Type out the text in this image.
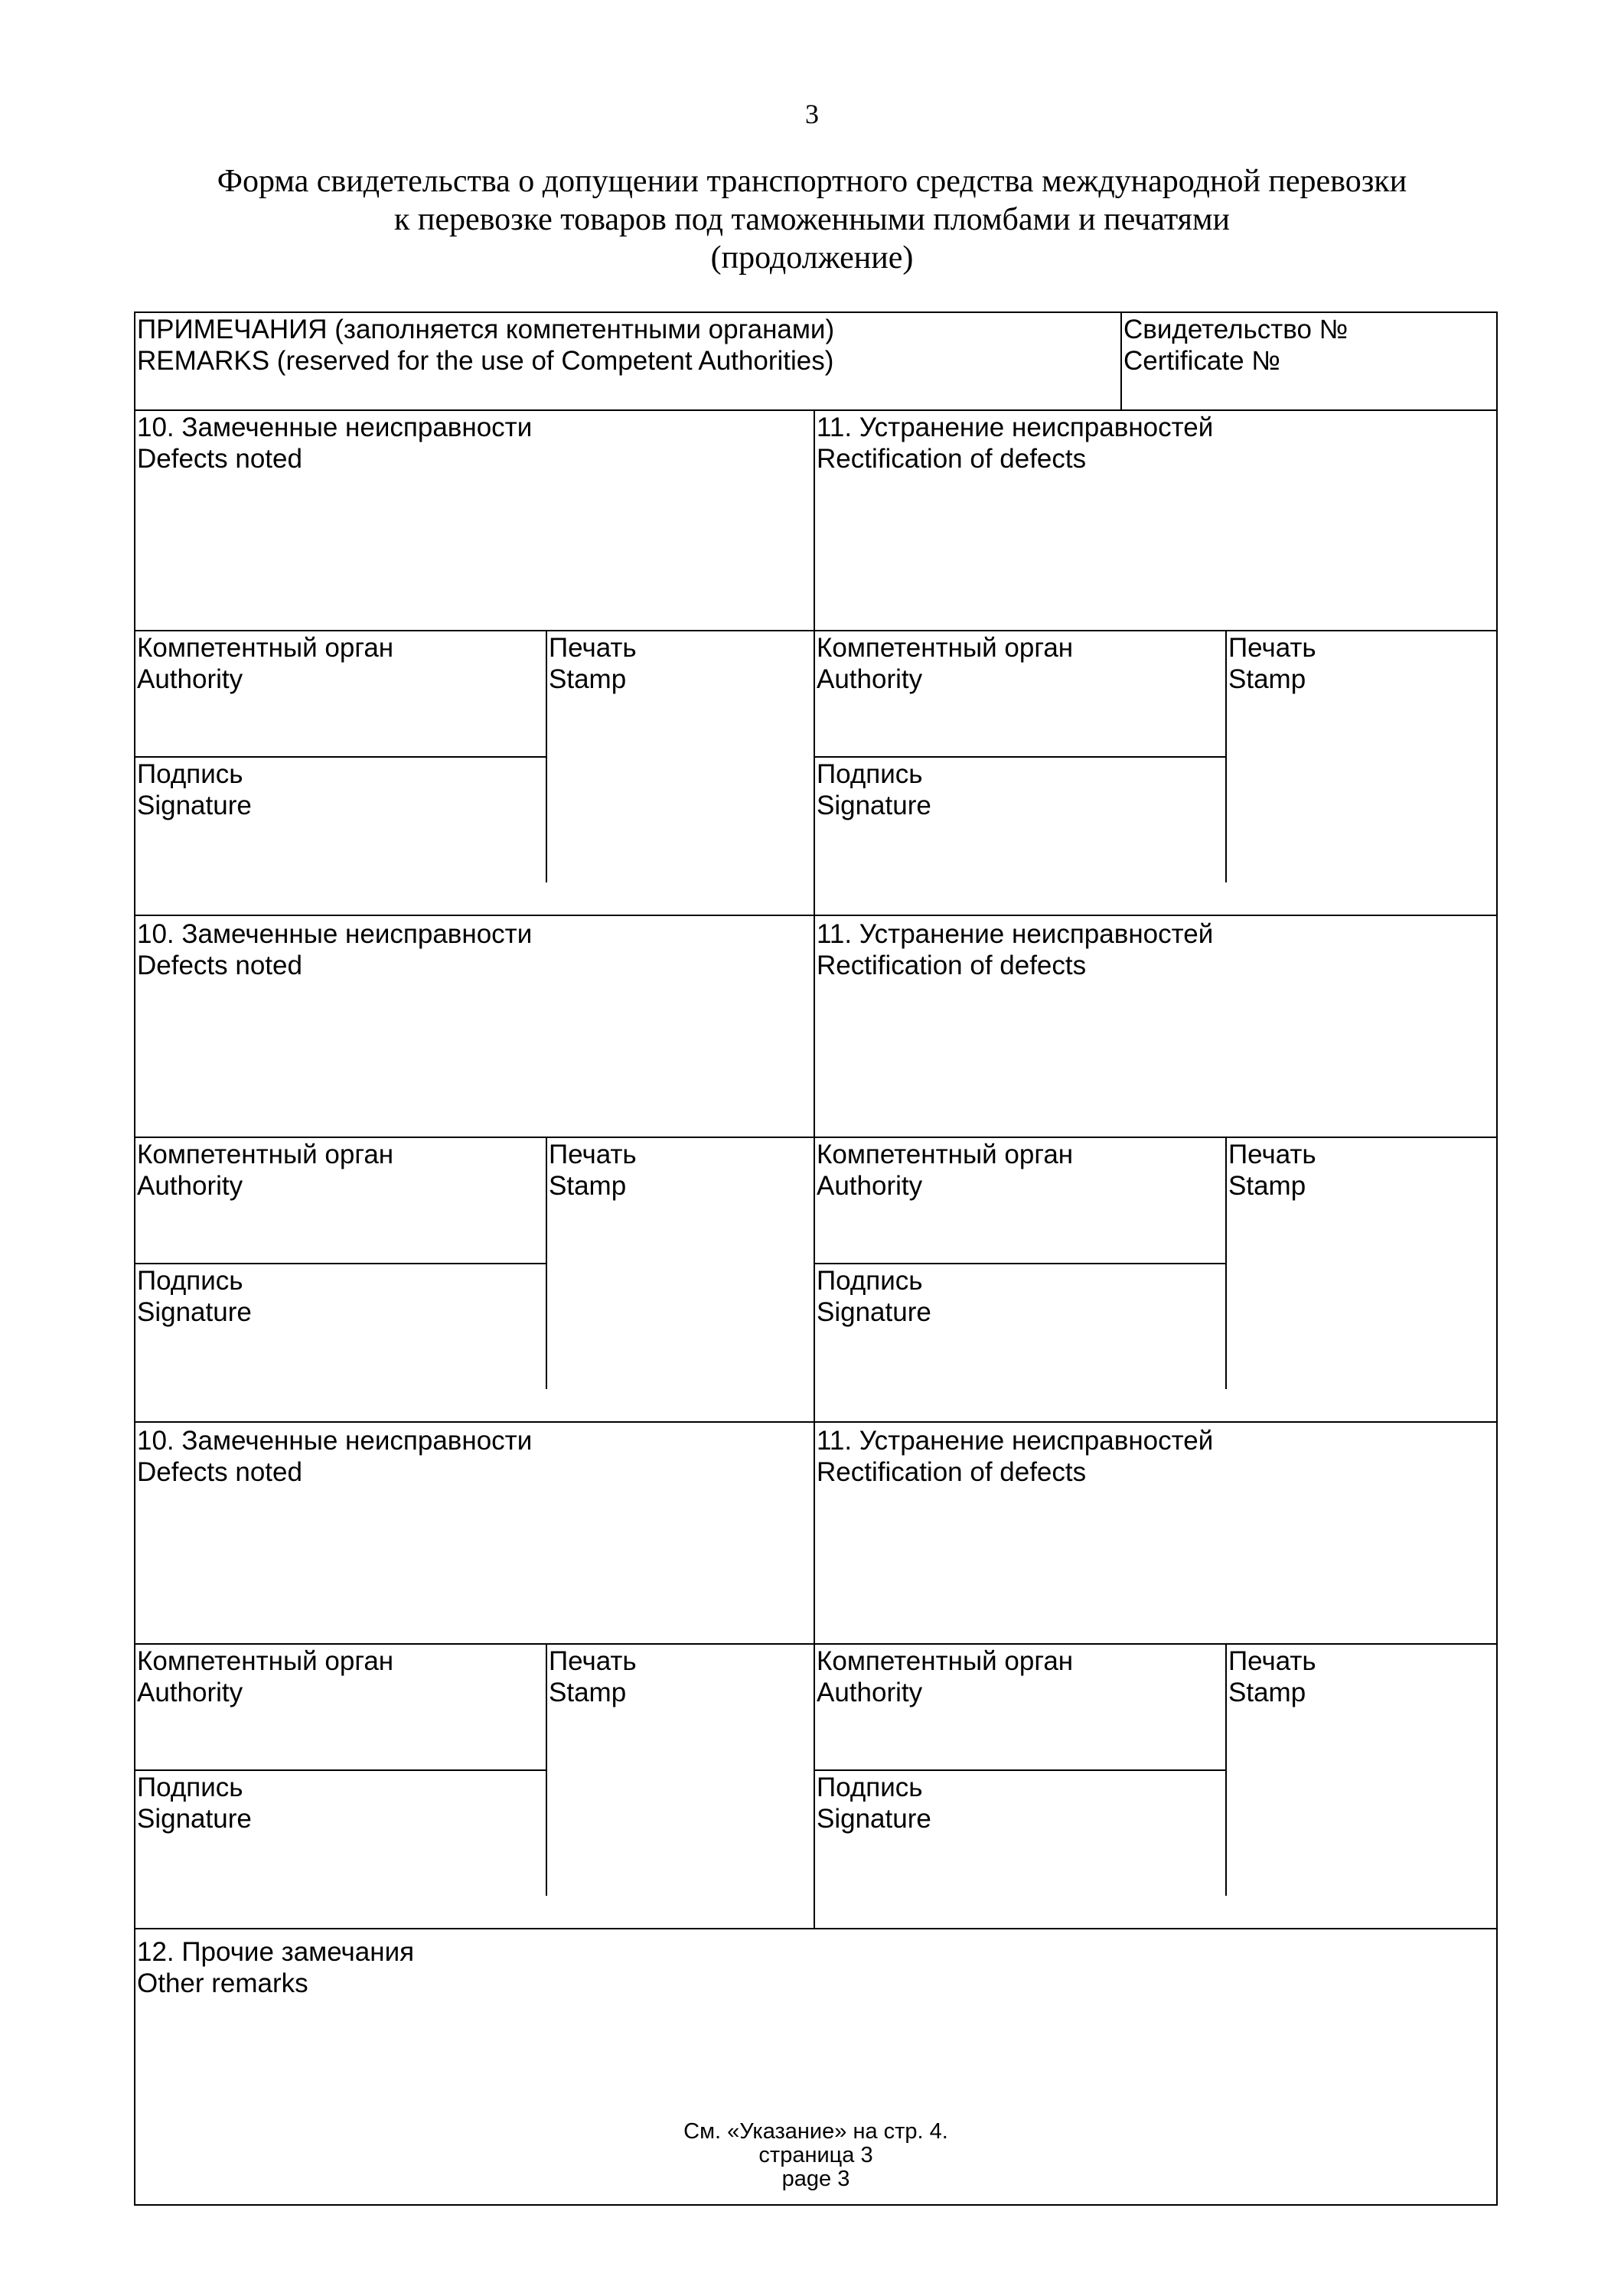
3
Форма свидетельства о допущении транспортного средства международной перевозки
к перевозке товаров под таможенными пломбами и печатями
(продолжение)
ПРИМЕЧАНИЯ (заполняется компетентными органами)
REMARKS (reserved for the use of Competent Authorities)
Свидетельство №
Certificate №
10. Замеченные неисправности
Defects noted
11. Устранение неисправностей
Rectification of defects
Компетентный орган
Authority
Печать
Stamp
Компетентный орган
Authority
Печать
Stamp
Подпись
Signature
Подпись
Signature
10. Замеченные неисправности
Defects noted
11. Устранение неисправностей
Rectification of defects
Компетентный орган
Authority
Печать
Stamp
Компетентный орган
Authority
Печать
Stamp
Подпись
Signature
Подпись
Signature
10. Замеченные неисправности
Defects noted
11. Устранение неисправностей
Rectification of defects
Компетентный орган
Authority
Печать
Stamp
Компетентный орган
Authority
Печать
Stamp
Подпись
Signature
Подпись
Signature
12. Прочие замечания
Other remarks
См. «Указание» на стр. 4.
страница 3
page 3
